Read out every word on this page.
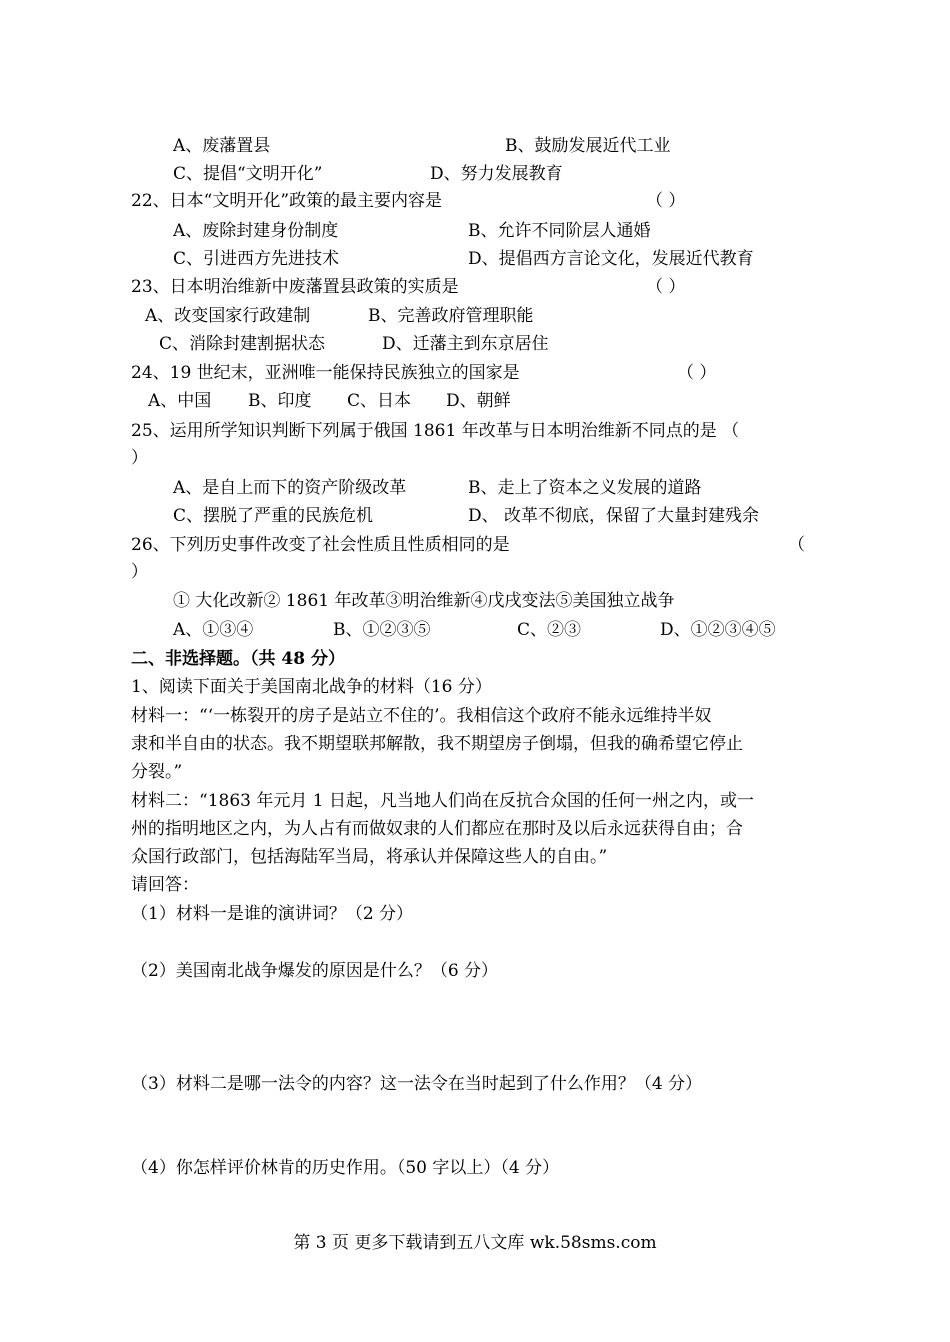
A、废藩置县	B、鼓励发展近代工业
C、提倡“文明开化”	D、努力发展教育
22、日本“文明开化”政策的最主要内容是	（ ）
A、废除封建身份制度	B、允许不同阶层人通婚
C、引进西方先进技术	D、提倡西方言论文化，发展近代教育
23、日本明治维新中废藩置县政策的实质是	（ ）
A、改变国家行政建制	B、完善政府管理职能
C、消除封建割据状态	D、迁藩主到东京居住
24、19 世纪末，亚洲唯一能保持民族独立的国家是	（ ）
A、中国 B、印度 C、日本 D、朝鲜
25、运用所学知识判断下列属于俄国 1861 年改革与日本明治维新不同点的是 （
）
A、是自上而下的资产阶级改革	B、走上了资本之义发展的道路
C、摆脱了严重的民族危机	D、 改革不彻底，保留了大量封建残余
26、下列历史事件改变了社会性质且性质相同的是	（
）
① 大化改新② 1861 年改革③明治维新④戊戌变法⑤美国独立战争
A、①③④	B、①②③⑤	C、②③	D、①②③④⑤
二、非选择题。（共 48 分）
1、阅读下面关于美国南北战争的材料（16 分）
材料一：“‘一栋裂开的房子是站立不住的’。我相信这个政府不能永远维持半奴
隶和半自由的状态。我不期望联邦解散，我不期望房子倒塌，但我的确希望它停止
分裂。”
材料二：“1863 年元月 1 日起，凡当地人们尚在反抗合众国的任何一州之内，或一
州的指明地区之内，为人占有而做奴隶的人们都应在那时及以后永远获得自由；合
众国行政部门，包括海陆军当局，将承认并保障这些人的自由。”
请回答：
（1）材料一是谁的演讲词？（2 分）
（2）美国南北战争爆发的原因是什么？（6 分）
（3）材料二是哪一法令的内容？这一法令在当时起到了什么作用？（4 分）
（4）你怎样评价林肯的历史作用。（50 字以上）（4 分）
第 3 页 更多下载请到五八文库 wk.58sms.com
